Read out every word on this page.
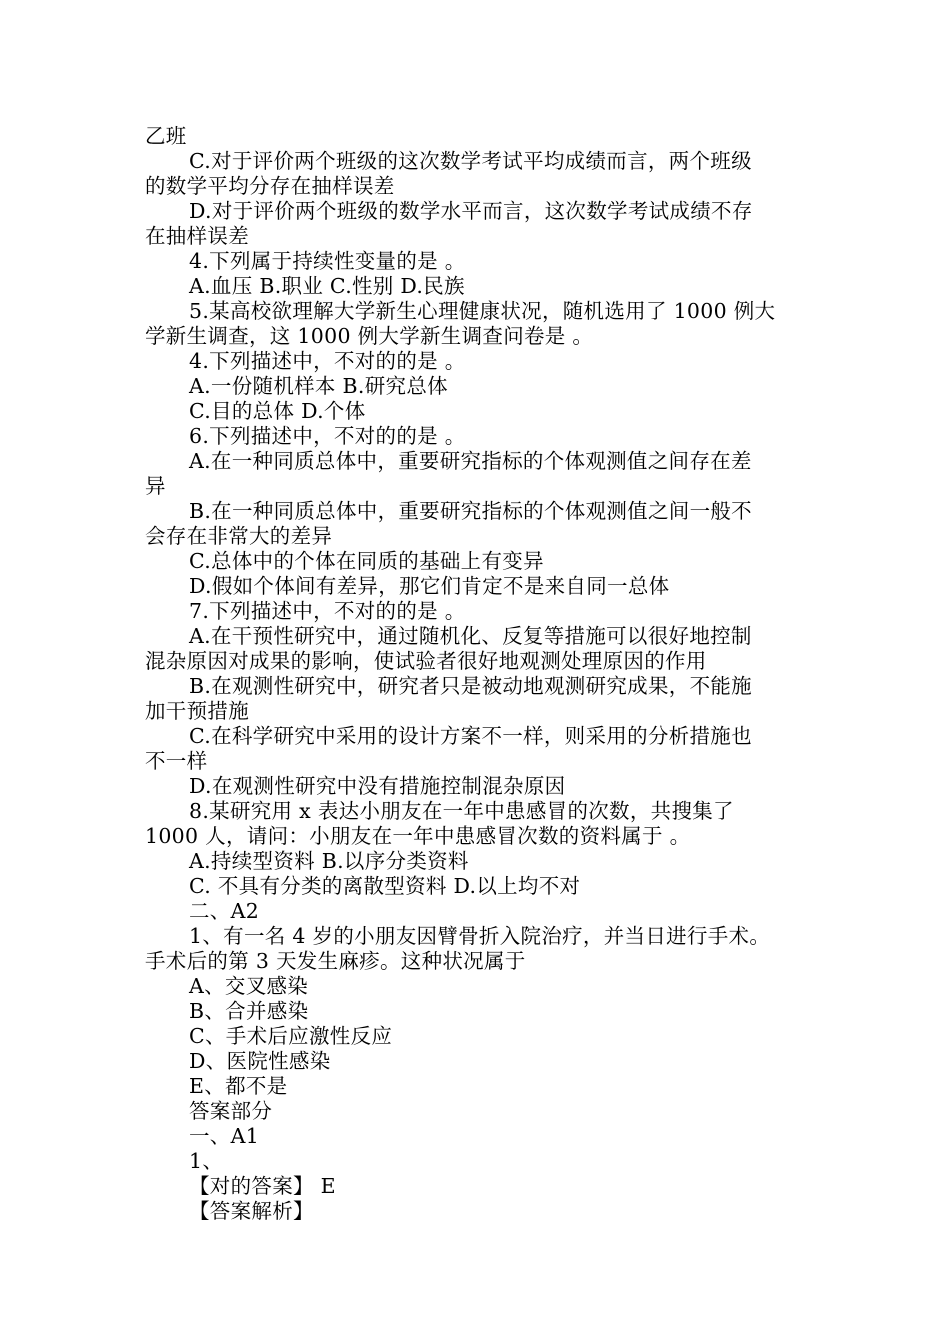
乙班
C.对于评价两个班级的这次数学考试平均成绩而言，两个班级
的数学平均分存在抽样误差
D.对于评价两个班级的数学水平而言，这次数学考试成绩不存
在抽样误差
4.下列属于持续性变量的是 。
A.血压 B.职业 C.性别 D.民族
5.某高校欲理解大学新生心理健康状况，随机选用了 1000 例大
学新生调查，这 1000 例大学新生调查问卷是 。
4.下列描述中，不对的的是 。
A.一份随机样本 B.研究总体
C.目的总体 D.个体
6.下列描述中，不对的的是 。
A.在一种同质总体中，重要研究指标的个体观测值之间存在差
异
B.在一种同质总体中，重要研究指标的个体观测值之间一般不
会存在非常大的差异
C.总体中的个体在同质的基础上有变异
D.假如个体间有差异，那它们肯定不是来自同一总体
7.下列描述中，不对的的是 。
A.在干预性研究中，通过随机化、反复等措施可以很好地控制
混杂原因对成果的影响，使试验者很好地观测处理原因的作用
B.在观测性研究中，研究者只是被动地观测研究成果，不能施
加干预措施
C.在科学研究中采用的设计方案不一样，则采用的分析措施也
不一样
D.在观测性研究中没有措施控制混杂原因
8.某研究用 x 表达小朋友在一年中患感冒的次数，共搜集了
1000 人，请问：小朋友在一年中患感冒次数的资料属于 。
A.持续型资料 B.以序分类资料
C. 不具有分类的离散型资料 D.以上均不对
二、A2
1、有一名 4 岁的小朋友因臂骨折入院治疗，并当日进行手术。
手术后的第 3 天发生麻疹。这种状况属于
A、交叉感染
B、合并感染
C、手术后应激性反应
D、医院性感染
E、都不是
答案部分
一、A1
1、
【对的答案】 E
【答案解析】
